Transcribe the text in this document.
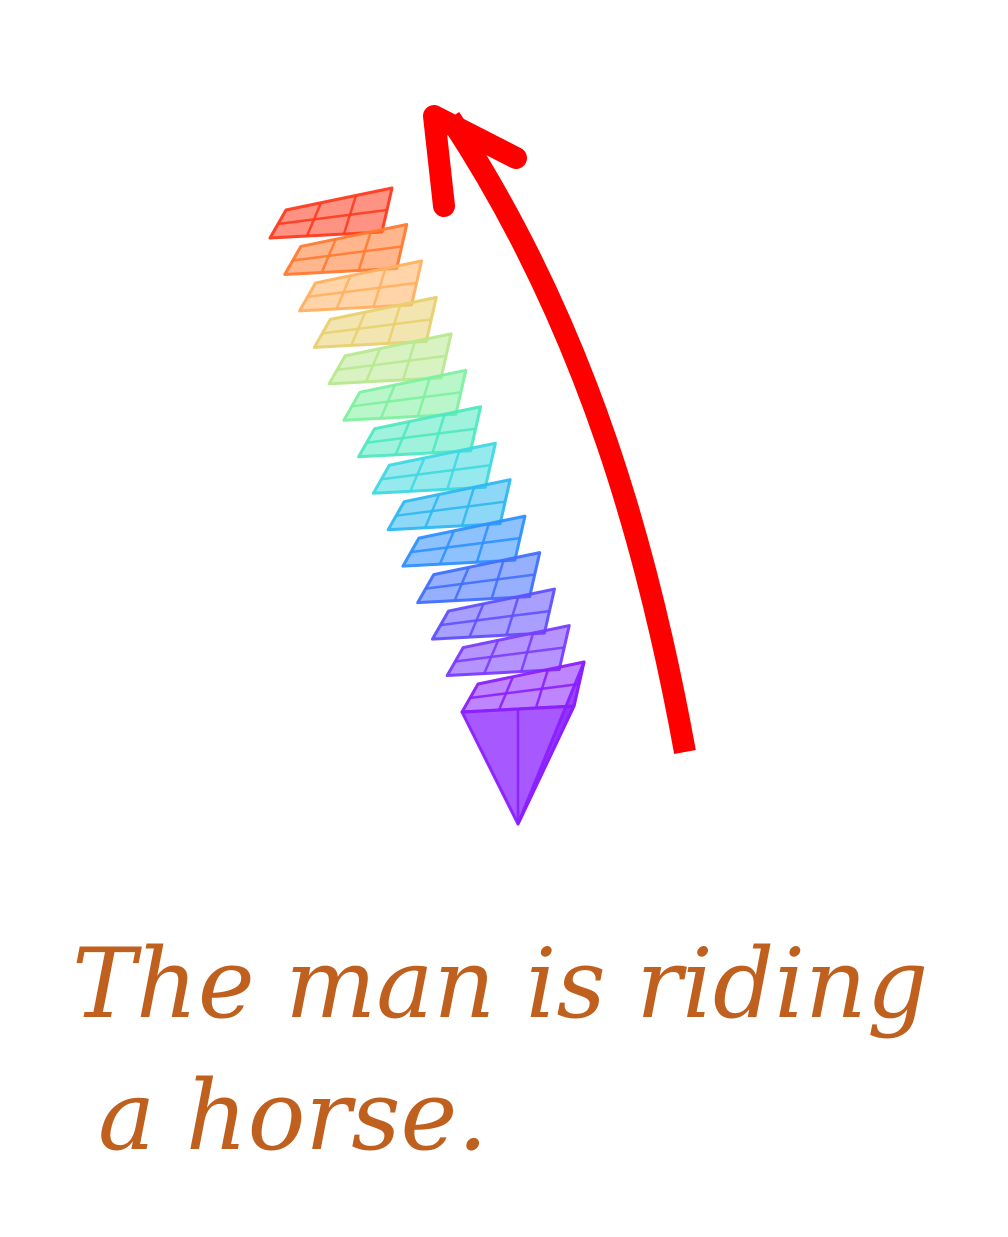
The man is riding

a horse.
